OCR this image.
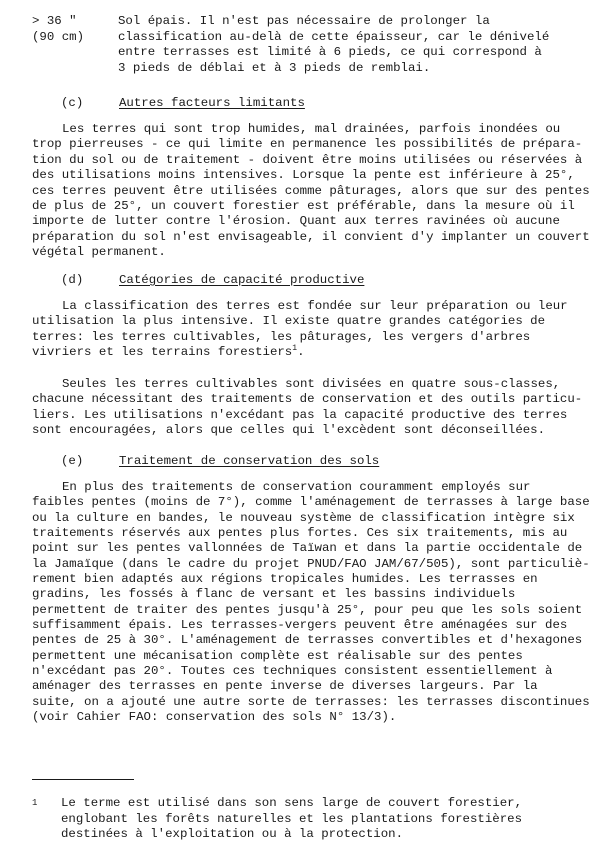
> 36 "
(90 cm)
Sol épais. Il n'est pas nécessaire de prolonger la
classification au-delà de cette épaisseur, car le dénivelé
entre terrasses est limité à 6 pieds, ce qui correspond à
3 pieds de déblai et à 3 pieds de remblai.
(c)	Autres facteurs limitants
Les terres qui sont trop humides, mal drainées, parfois inondées ou
trop pierreuses - ce qui limite en permanence les possibilités de prépara-
tion du sol ou de traitement - doivent être moins utilisées ou réservées à
des utilisations moins intensives. Lorsque la pente est inférieure à 25°,
ces terres peuvent être utilisées comme pâturages, alors que sur des pentes
de plus de 25°, un couvert forestier est préférable, dans la mesure où il
importe de lutter contre l'érosion. Quant aux terres ravinées où aucune
préparation du sol n'est envisageable, il convient d'y implanter un couvert
végétal permanent.
(d)	Catégories de capacité productive
La classification des terres est fondée sur leur préparation ou leur
utilisation la plus intensive. Il existe quatre grandes catégories de
terres: les terres cultivables, les pâturages, les vergers d'arbres
vivriers et les terrains forestiers$^1$.
Seules les terres cultivables sont divisées en quatre sous-classes,
chacune nécessitant des traitements de conservation et des outils particu-
liers. Les utilisations n'excédant pas la capacité productive des terres
sont encouragées, alors que celles qui l'excèdent sont déconseillées.
(e)	Traitement de conservation des sols
En plus des traitements de conservation couramment employés sur
faibles pentes (moins de 7°), comme l'aménagement de terrasses à large base
ou la culture en bandes, le nouveau système de classification intègre six
traitements réservés aux pentes plus fortes. Ces six traitements, mis au
point sur les pentes vallonnées de Taïwan et dans la partie occidentale de
la Jamaïque (dans le cadre du projet PNUD/FAO JAM/67/505), sont particuliè-
rement bien adaptés aux régions tropicales humides. Les terrasses en
gradins, les fossés à flanc de versant et les bassins individuels
permettent de traiter des pentes jusqu'à 25°, pour peu que les sols soient
suffisamment épais. Les terrasses-vergers peuvent être aménagées sur des
pentes de 25 à 30°. L'aménagement de terrasses convertibles et d'hexagones
permettent une mécanisation complète est réalisable sur des pentes
n'excédant pas 20°. Toutes ces techniques consistent essentiellement à
aménager des terrasses en pente inverse de diverses largeurs. Par la
suite, on a ajouté une autre sorte de terrasses: les terrasses discontinues
(voir Cahier FAO: conservation des sols N° 13/3).
1 Le terme est utilisé dans son sens large de couvert forestier,
englobant les forêts naturelles et les plantations forestières
destinées à l'exploitation ou à la protection.
